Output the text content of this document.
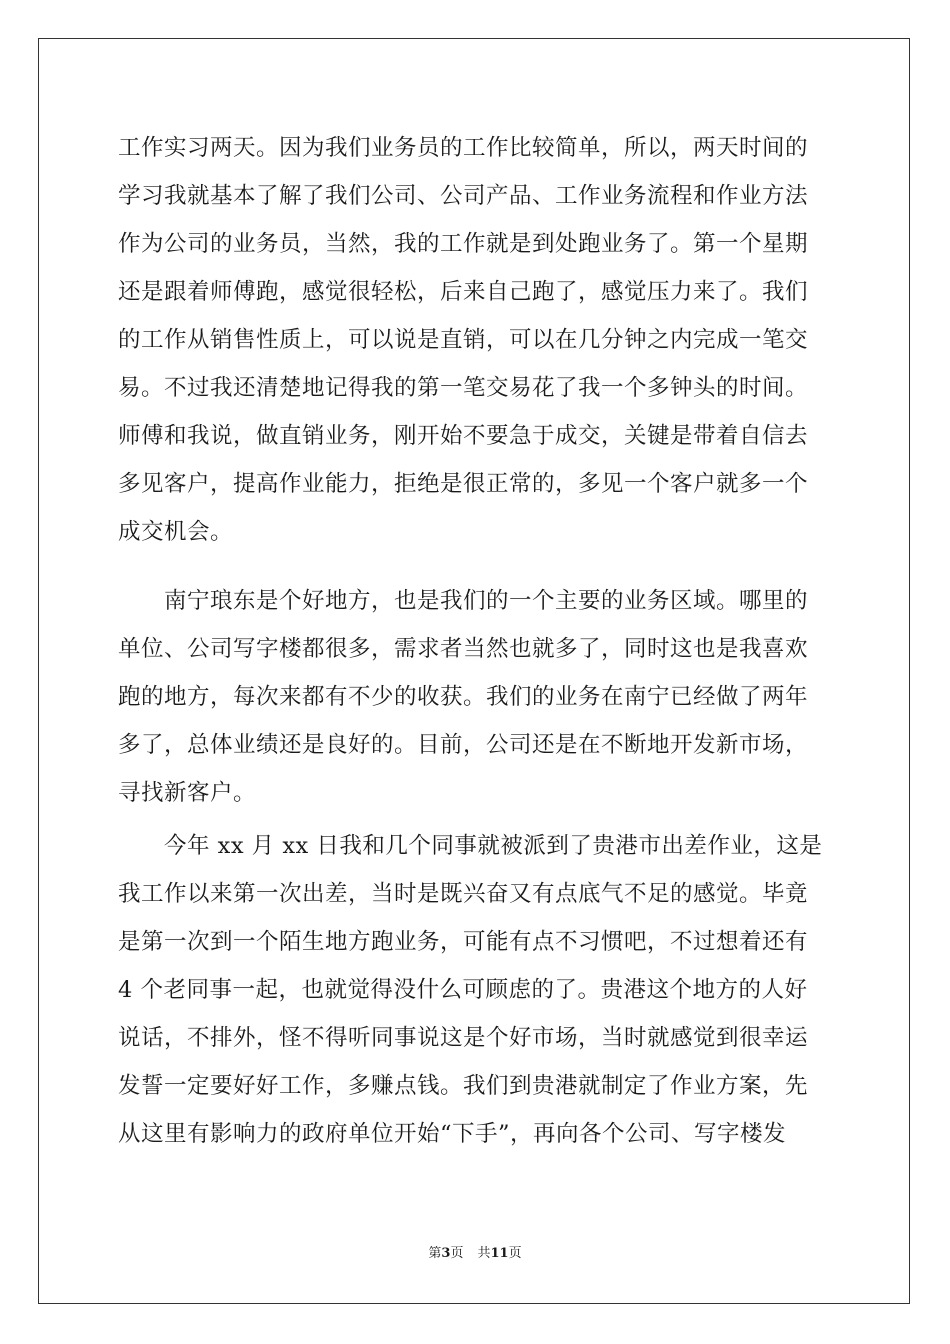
工作实习两天。因为我们业务员的工作比较简单，所以，两天时间的
学习我就基本了解了我们公司、公司产品、工作业务流程和作业方法
作为公司的业务员，当然，我的工作就是到处跑业务了。第一个星期
还是跟着师傅跑，感觉很轻松，后来自己跑了，感觉压力来了。我们
的工作从销售性质上，可以说是直销，可以在几分钟之内完成一笔交
易。不过我还清楚地记得我的第一笔交易花了我一个多钟头的时间。
师傅和我说，做直销业务，刚开始不要急于成交，关键是带着自信去
多见客户，提高作业能力，拒绝是很正常的，多见一个客户就多一个
成交机会。
南宁琅东是个好地方，也是我们的一个主要的业务区域。哪里的
单位、公司写字楼都很多，需求者当然也就多了，同时这也是我喜欢
跑的地方，每次来都有不少的收获。我们的业务在南宁已经做了两年
多了，总体业绩还是良好的。目前，公司还是在不断地开发新市场，
寻找新客户。
今年 xx 月 xx 日我和几个同事就被派到了贵港市出差作业，这是
我工作以来第一次出差，当时是既兴奋又有点底气不足的感觉。毕竟
是第一次到一个陌生地方跑业务，可能有点不习惯吧，不过想着还有
4 个老同事一起，也就觉得没什么可顾虑的了。贵港这个地方的人好
说话，不排外，怪不得听同事说这是个好市场，当时就感觉到很幸运
发誓一定要好好工作，多赚点钱。我们到贵港就制定了作业方案，先
从这里有影响力的政府单位开始“下手”，再向各个公司、写字楼发
第3页 共11页
